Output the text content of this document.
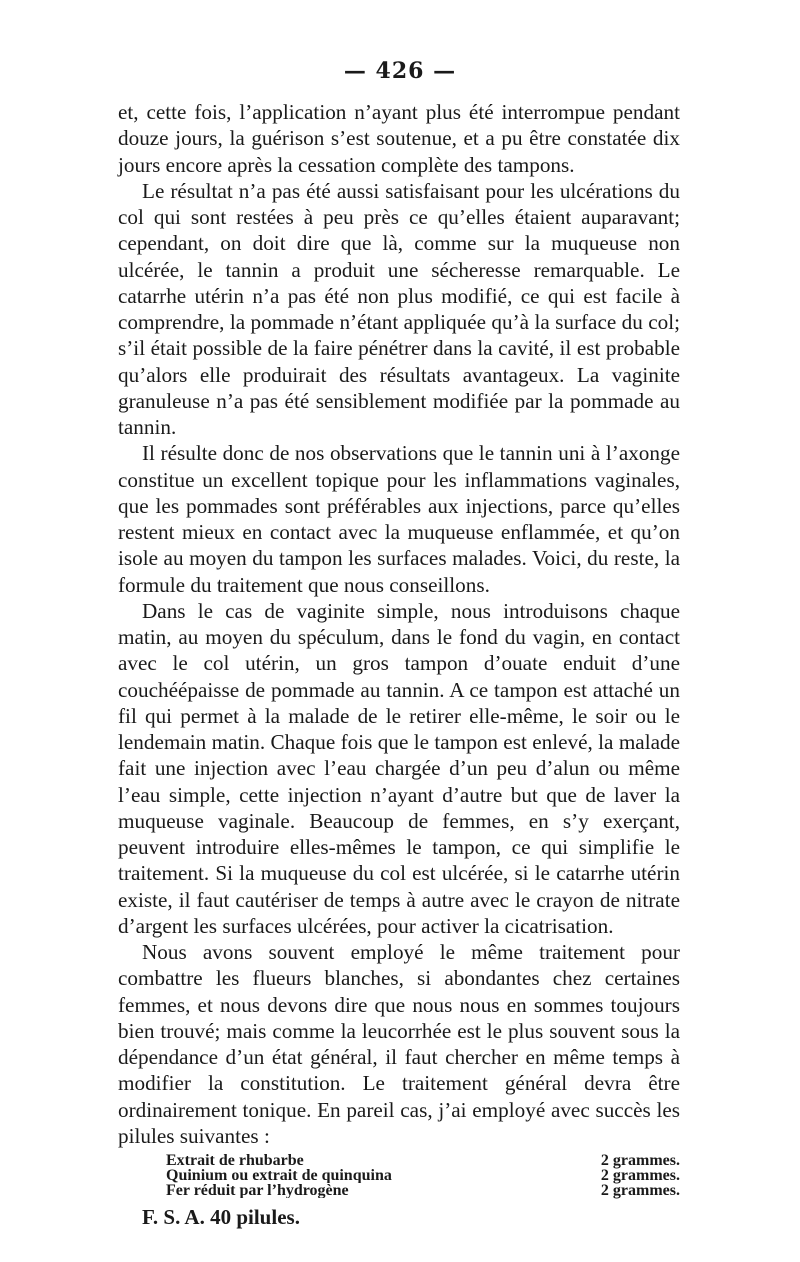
— 426 —

et, cette fois, l’application n’ayant plus été interrompue pendant douze jours, la guérison s’est soutenue, et a pu être constatée dix jours encore après la cessation complète des tampons.

Le résultat n’a pas été aussi satisfaisant pour les ulcérations du col qui sont restées à peu près ce qu’elles étaient auparavant; cependant, on doit dire que là, comme sur la muqueuse non ulcérée, le tannin a produit une sécheresse remarquable. Le catarrhe utérin n’a pas été non plus modifié, ce qui est facile à comprendre, la pommade n’étant appliquée qu’à la surface du col; s’il était possible de la faire pénétrer dans la cavité, il est probable qu’alors elle produirait des résultats avantageux. La vaginite granuleuse n’a pas été sensiblement modifiée par la pommade au tannin.

Il résulte donc de nos observations que le tannin uni à l’axonge constitue un excellent topique pour les inflammations vaginales, que les pommades sont préférables aux injections, parce qu’elles restent mieux en contact avec la muqueuse enflammée, et qu’on isole au moyen du tampon les surfaces malades. Voici, du reste, la formule du traitement que nous conseillons.

Dans le cas de vaginite simple, nous introduisons chaque matin, au moyen du spéculum, dans le fond du vagin, en contact avec le col utérin, un gros tampon d’ouate enduit d’une couchéépaisse de pommade au tannin. A ce tampon est attaché un fil qui permet à la malade de le retirer elle-même, le soir ou le lendemain matin. Chaque fois que le tampon est enlevé, la malade fait une injection avec l’eau chargée d’un peu d’alun ou même l’eau simple, cette injection n’ayant d’autre but que de laver la muqueuse vaginale. Beaucoup de femmes, en s’y exerçant, peuvent introduire elles-mêmes le tampon, ce qui simplifie le traitement. Si la muqueuse du col est ulcérée, si le catarrhe utérin existe, il faut cautériser de temps à autre avec le crayon de nitrate d’argent les surfaces ulcérées, pour activer la cicatrisation.

Nous avons souvent employé le même traitement pour combattre les flueurs blanches, si abondantes chez certaines femmes, et nous devons dire que nous nous en sommes toujours bien trouvé; mais comme la leucorrhée est le plus souvent sous la dépendance d’un état général, il faut chercher en même temps à modifier la constitution. Le traitement général devra être ordinairement tonique. En pareil cas, j’ai employé avec succès les pilules suivantes :

Extrait de rhubarbe	2 grammes.
Quinium ou extrait de quinquina	2 grammes.
Fer réduit par l’hydrogène	2 grammes.
F. S. A. 40 pilules.
